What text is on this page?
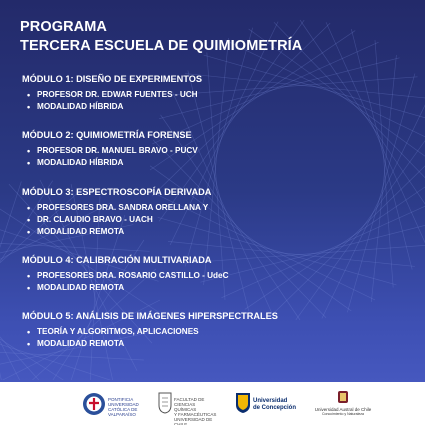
PROGRAMA
TERCERA ESCUELA DE QUIMIOMETRÍA
MÓDULO 1: DISEÑO DE EXPERIMENTOS
• PROFESOR DR. EDWAR FUENTES - UCH
• MODALIDAD HÍBRIDA
MÓDULO 2: QUIMIOMETRÍA FORENSE
• PROFESOR DR. MANUEL BRAVO - PUCV
• MODALIDAD HÍBRIDA
MÓDULO 3: ESPECTROSCOPÍA DERIVADA
• PROFESORES DRA. SANDRA ORELLANA Y
• DR. CLAUDIO BRAVO - UACH
• MODALIDAD REMOTA
MÓDULO 4: CALIBRACIÓN MULTIVARIADA
• PROFESORES DRA. ROSARIO CASTILLO - UdeC
• MODALIDAD REMOTA
MÓDULO 5: ANÁLISIS DE IMÁGENES HIPERSPECTRALES
• TEORÍA Y ALGORITMOS, APLICACIONES
• MODALIDAD REMOTA
PONTIFICIA
UNIVERSIDAD
CATÓLICA DE
VALPARAÍSO
FACULTAD DE
CIENCIAS QUÍMICAS
Y FARMACÉUTICAS
UNIVERSIDAD DE CHILE
Universidad
de Concepción	Universidad Austral de Chile
Conocimiento y Naturaleza
